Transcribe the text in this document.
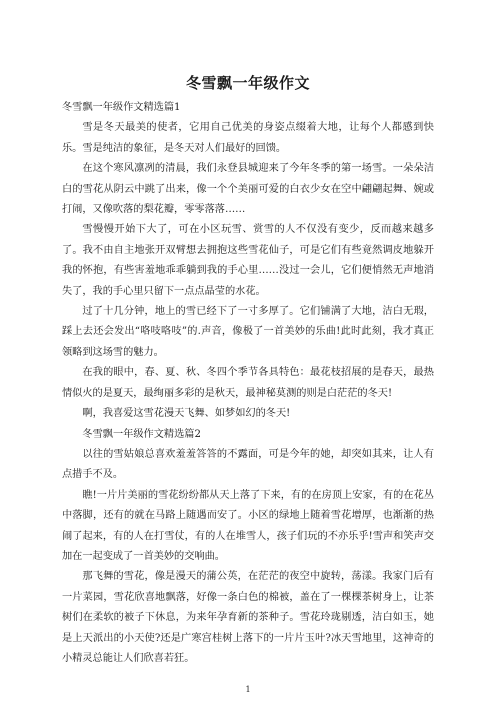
冬雪飘一年级作文

冬雪飘一年级作文精选篇1

雪是冬天最美的使者，它用自己优美的身姿点缀着大地，让每个人都感到快乐。雪是纯洁的象征，是冬天对人们最好的回馈。

在这个寒风凛冽的清晨，我们永登县城迎来了今年冬季的第一场雪。一朵朵洁白的雪花从阴云中跳了出来，像一个个美丽可爱的白衣少女在空中翩翩起舞、婉或打闹，又像吹落的梨花瓣，零零落落……

雪慢慢开始下大了，可在小区玩雪、赏雪的人不仅没有变少，反而越来越多了。我不由自主地张开双臂想去拥抱这些雪花仙子，可是它们有些竟然调皮地躲开我的怀抱，有些害羞地乖乖躺到我的手心里……没过一会儿，它们便悄然无声地消失了，我的手心里只留下一点点晶莹的水花。

过了十几分钟，地上的雪已经下了一寸多厚了。它们铺满了大地，洁白无瑕，踩上去还会发出“咯吱咯吱”的.声音，像极了一首美妙的乐曲!此时此刻，我才真正领略到这场雪的魅力。

在我的眼中，春、夏、秋、冬四个季节各具特色：最花枝招展的是春天，最热情似火的是夏天，最绚丽多彩的是秋天，最神秘莫测的则是白茫茫的冬天!

啊，我喜爱这雪花漫天飞舞、如梦如幻的冬天!

冬雪飘一年级作文精选篇2

以往的雪姑娘总喜欢羞羞答答的不露面，可是今年的她，却突如其来，让人有点措手不及。

瞧!一片片美丽的雪花纷纷都从天上落了下来，有的在房顶上安家，有的在花丛中落脚，还有的就在马路上随遇而安了。小区的绿地上随着雪花增厚，也渐渐的热闹了起来，有的人在打雪仗，有的人在堆雪人，孩子们玩的不亦乐乎!雪声和笑声交加在一起变成了一首美妙的交响曲。

那飞舞的雪花，像是漫天的蒲公英，在茫茫的夜空中旋转，荡漾。我家门后有一片菜园，雪花欣喜地飘落，好像一条白色的棉被，盖在了一棵棵茶树身上，让茶树们在柔软的被子下休息，为来年孕育新的茶种子。雪花玲珑剔透，洁白如玉，她是上天派出的小天使?还是广寒宫桂树上落下的一片片玉叶?冰天雪地里，这神奇的小精灵总能让人们欣喜若狂。

1
